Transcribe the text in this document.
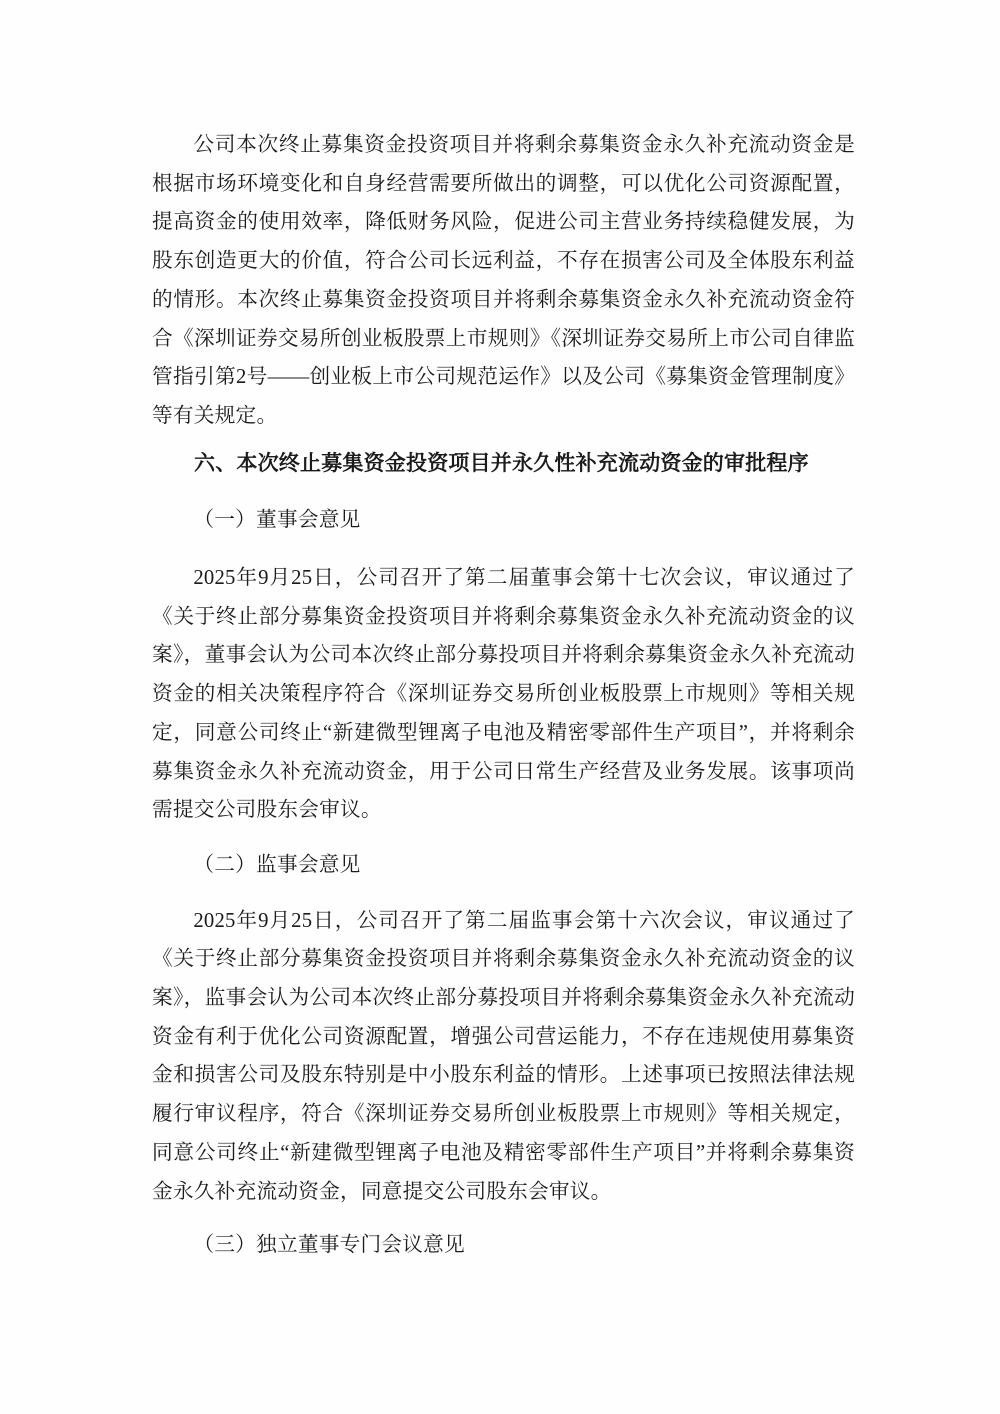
公司本次终止募集资金投资项目并将剩余募集资金永久补充流动资金是根据市场环境变化和自身经营需要所做出的调整，可以优化公司资源配置，提高资金的使用效率，降低财务风险，促进公司主营业务持续稳健发展，为股东创造更大的价值，符合公司长远利益，不存在损害公司及全体股东利益的情形。本次终止募集资金投资项目并将剩余募集资金永久补充流动资金符合《深圳证券交易所创业板股票上市规则》《深圳证券交易所上市公司自律监管指引第2号——创业板上市公司规范运作》以及公司《募集资金管理制度》等有关规定。

六、本次终止募集资金投资项目并永久性补充流动资金的审批程序
（一）董事会意见

2025年9月25日，公司召开了第二届董事会第十七次会议，审议通过了《关于终止部分募集资金投资项目并将剩余募集资金永久补充流动资金的议案》，董事会认为公司本次终止部分募投项目并将剩余募集资金永久补充流动资金的相关决策程序符合《深圳证券交易所创业板股票上市规则》等相关规定，同意公司终止“新建微型锂离子电池及精密零部件生产项目”，并将剩余募集资金永久补充流动资金，用于公司日常生产经营及业务发展。该事项尚需提交公司股东会审议。

（二）监事会意见

2025年9月25日，公司召开了第二届监事会第十六次会议，审议通过了《关于终止部分募集资金投资项目并将剩余募集资金永久补充流动资金的议案》，监事会认为公司本次终止部分募投项目并将剩余募集资金永久补充流动资金有利于优化公司资源配置，增强公司营运能力，不存在违规使用募集资金和损害公司及股东特别是中小股东利益的情形。上述事项已按照法律法规履行审议程序，符合《深圳证券交易所创业板股票上市规则》等相关规定，同意公司终止“新建微型锂离子电池及精密零部件生产项目”并将剩余募集资金永久补充流动资金，同意提交公司股东会审议。

（三）独立董事专门会议意见
